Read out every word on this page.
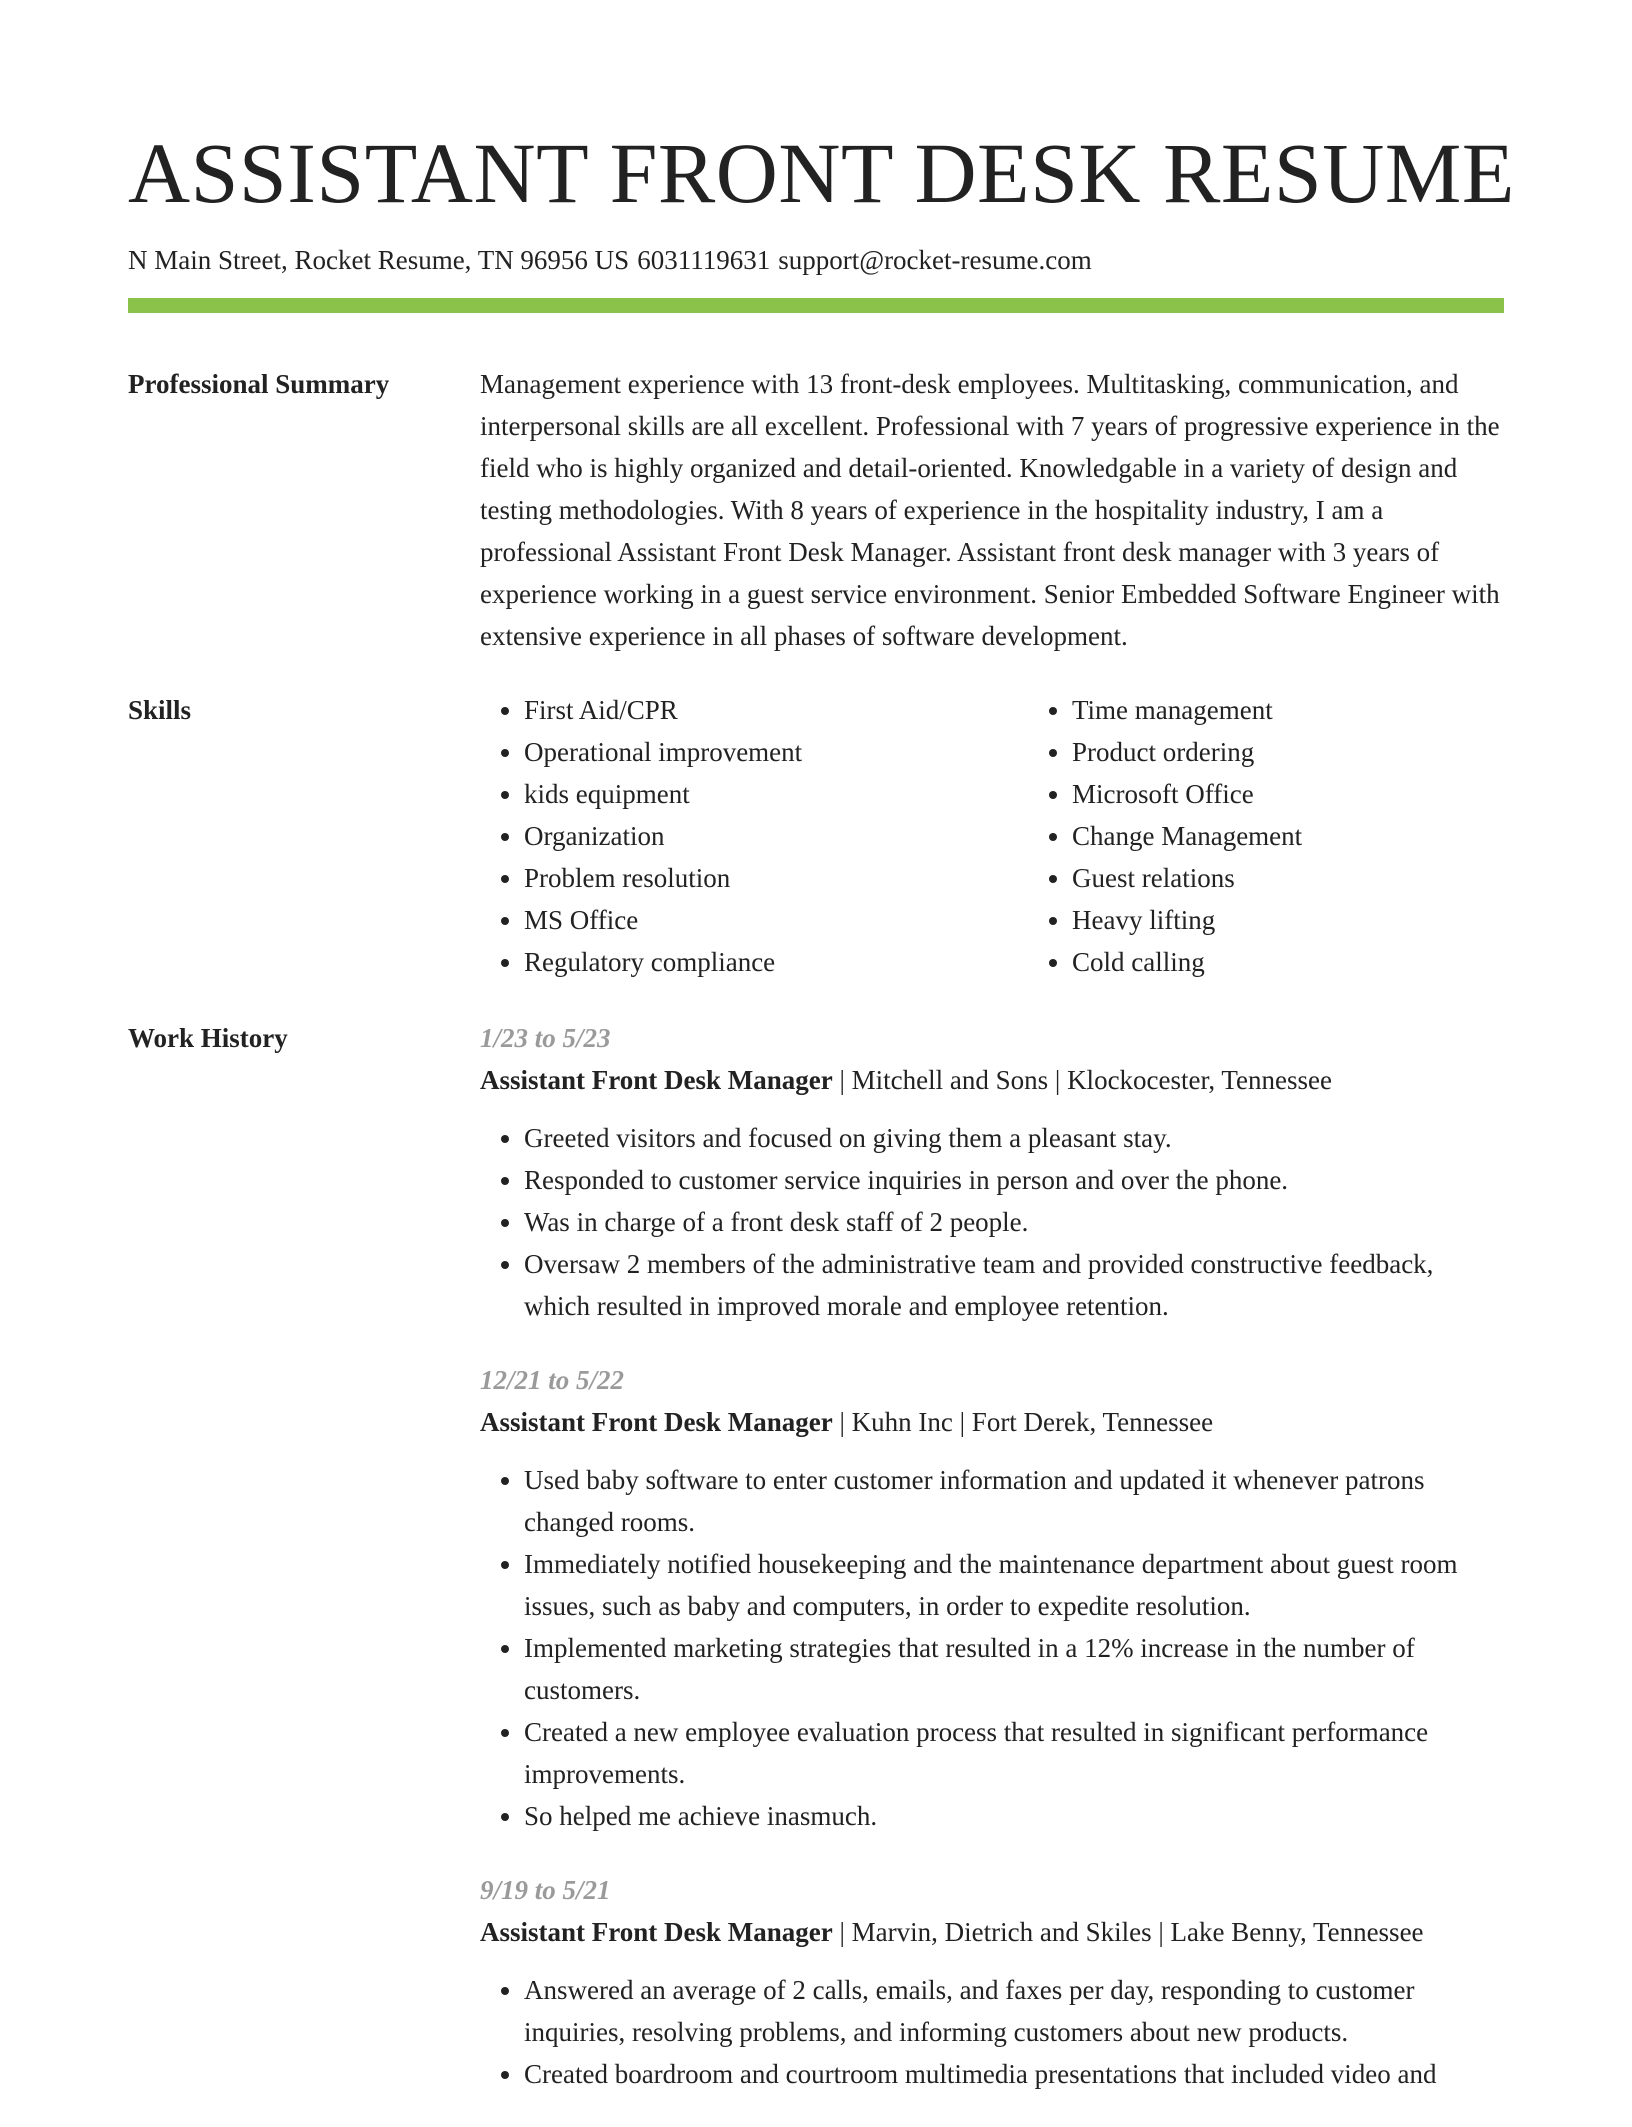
ASSISTANT FRONT DESK RESUME
N Main Street, Rocket Resume, TN 96956 US 6031119631 support@rocket-resume.com
Professional Summary	Management experience with 13 front-desk employees. Multitasking, communication, and interpersonal skills are all excellent. Professional with 7 years of progressive experience in the field who is highly organized and detail-oriented. Knowledgable in a variety of design and testing methodologies. With 8 years of experience in the hospitality industry, I am a professional Assistant Front Desk Manager. Assistant front desk manager with 3 years of experience working in a guest service environment. Senior Embedded Software Engineer with extensive experience in all phases of software development.
Skills
•	First Aid/CPR
• Operational improvement
• kids equipment
• Organization
• Problem resolution
• MS Office
• Regulatory compliance
• Time management
• Product ordering
• Microsoft Office
• Change Management
• Guest relations
• Heavy lifting
• Cold calling
Work History	1/23 to 5/23
Assistant Front Desk Manager | Mitchell and Sons | Klockocester, Tennessee
• Greeted visitors and focused on giving them a pleasant stay.
• Responded to customer service inquiries in person and over the phone.
• Was in charge of a front desk staff of 2 people.
• Oversaw 2 members of the administrative team and provided constructive feedback, which resulted in improved morale and employee retention.
12/21 to 5/22
Assistant Front Desk Manager | Kuhn Inc | Fort Derek, Tennessee
• Used baby software to enter customer information and updated it whenever patrons changed rooms.
• Immediately notified housekeeping and the maintenance department about guest room issues, such as baby and computers, in order to expedite resolution.
• Implemented marketing strategies that resulted in a 12% increase in the number of customers.
• Created a new employee evaluation process that resulted in significant performance improvements.
• So helped me achieve inasmuch.
9/19 to 5/21
Assistant Front Desk Manager | Marvin, Dietrich and Skiles | Lake Benny, Tennessee
• Answered an average of 2 calls, emails, and faxes per day, responding to customer inquiries, resolving problems, and informing customers about new products.
• Created boardroom and courtroom multimedia presentations that included video and
